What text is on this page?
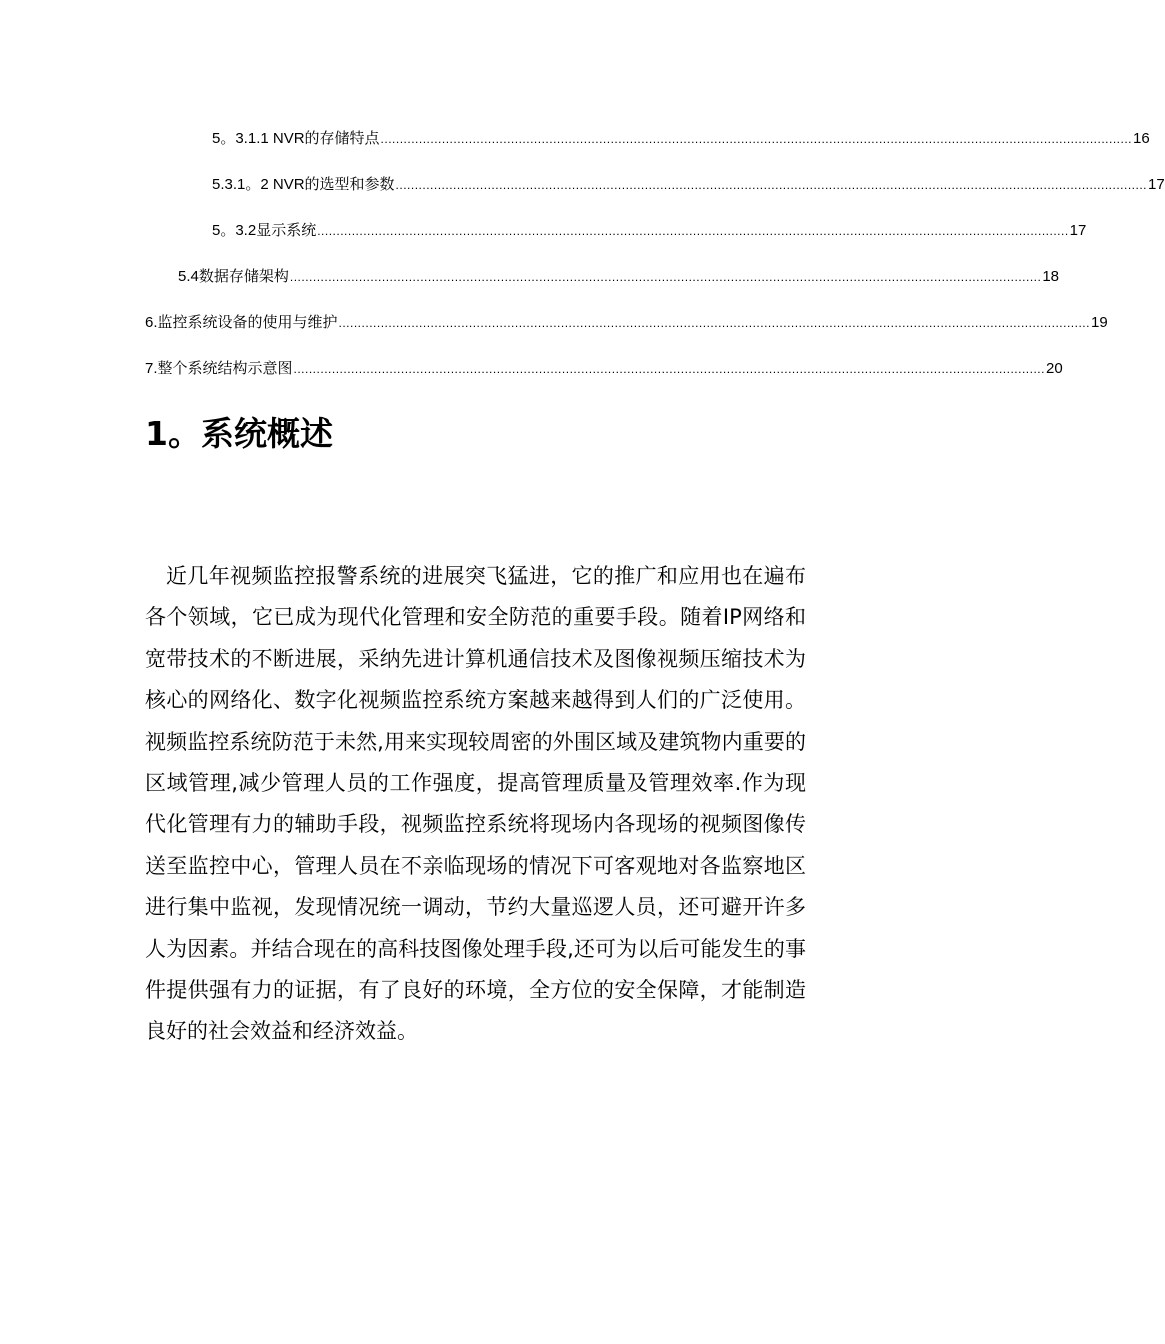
5。3.1.1 NVR的存储特点 .................................................................................................................................................................................................... 16
5.3.1。2 NVR的选型和参数 .................................................................................................................................................................................................... 17
5。3.2显示系统 .................................................................................................................................................................................................... 17
5.4数据存储架构 .................................................................................................................................................................................................... 18
6.监控系统设备的使用与维护 .................................................................................................................................................................................................... 19
7.整个系统结构示意图 .................................................................................................................................................................................................... 20
1。系统概述

近几年视频监控报警系统的进展突飞猛进，它的推广和应用也在遍布各个领域，它已成为现代化管理和安全防范的重要手段。随着IP网络和宽带技术的不断进展，采纳先进计算机通信技术及图像视频压缩技术为核心的网络化、数字化视频监控系统方案越来越得到人们的广泛使用。视频监控系统防范于未然,用来实现较周密的外围区域及建筑物内重要的区域管理,减少管理人员的工作强度，提高管理质量及管理效率.作为现代化管理有力的辅助手段，视频监控系统将现场内各现场的视频图像传送至监控中心，管理人员在不亲临现场的情况下可客观地对各监察地区进行集中监视，发现情况统一调动，节约大量巡逻人员，还可避开许多人为因素。并结合现在的高科技图像处理手段,还可为以后可能发生的事件提供强有力的证据，有了良好的环境，全方位的安全保障，才能制造良好的社会效益和经济效益。
